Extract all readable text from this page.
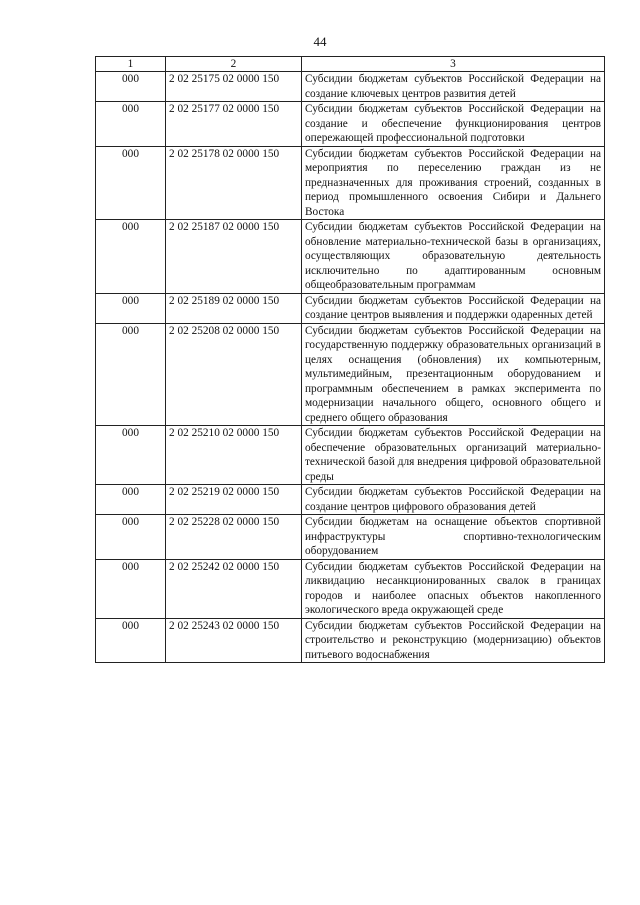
44
1	2	3
000	2 02 25175 02 0000 150	Субсидии бюджетам субъектов Российской Федерации на создание ключевых центров развития детей
000	2 02 25177 02 0000 150	Субсидии бюджетам субъектов Российской Федерации на создание и обеспечение функционирования центров опережающей профессиональной подготовки
000	2 02 25178 02 0000 150	Субсидии бюджетам субъектов Российской Федерации на мероприятия по переселению граждан из не предназначенных для проживания строений, созданных в период промышленного освоения Сибири и Дальнего Востока
000	2 02 25187 02 0000 150	Субсидии бюджетам субъектов Российской Федерации на обновление материально-технической базы в организациях, осуществляющих образовательную деятельность исключительно по адаптированным основным общеобразовательным программам
000	2 02 25189 02 0000 150	Субсидии бюджетам субъектов Российской Федерации на создание центров выявления и поддержки одаренных детей
000	2 02 25208 02 0000 150	Субсидии бюджетам субъектов Российской Федерации на государственную поддержку образовательных организаций в целях оснащения (обновления) их компьютерным, мультимедийным, презентационным оборудованием и программным обеспечением в рамках эксперимента по модернизации начального общего, основного общего и среднего общего образования
000	2 02 25210 02 0000 150	Субсидии бюджетам субъектов Российской Федерации на обеспечение образовательных организаций материально-технической базой для внедрения цифровой образовательной среды
000	2 02 25219 02 0000 150	Субсидии бюджетам субъектов Российской Федерации на создание центров цифрового образования детей
000	2 02 25228 02 0000 150	Субсидии бюджетам на оснащение объектов спортивной инфраструктуры спортивно-технологическим оборудованием
000	2 02 25242 02 0000 150	Субсидии бюджетам субъектов Российской Федерации на ликвидацию несанкционированных свалок в границах городов и наиболее опасных объектов накопленного экологического вреда окружающей среде
000	2 02 25243 02 0000 150	Субсидии бюджетам субъектов Российской Федерации на строительство и реконструкцию (модернизацию) объектов питьевого водоснабжения
